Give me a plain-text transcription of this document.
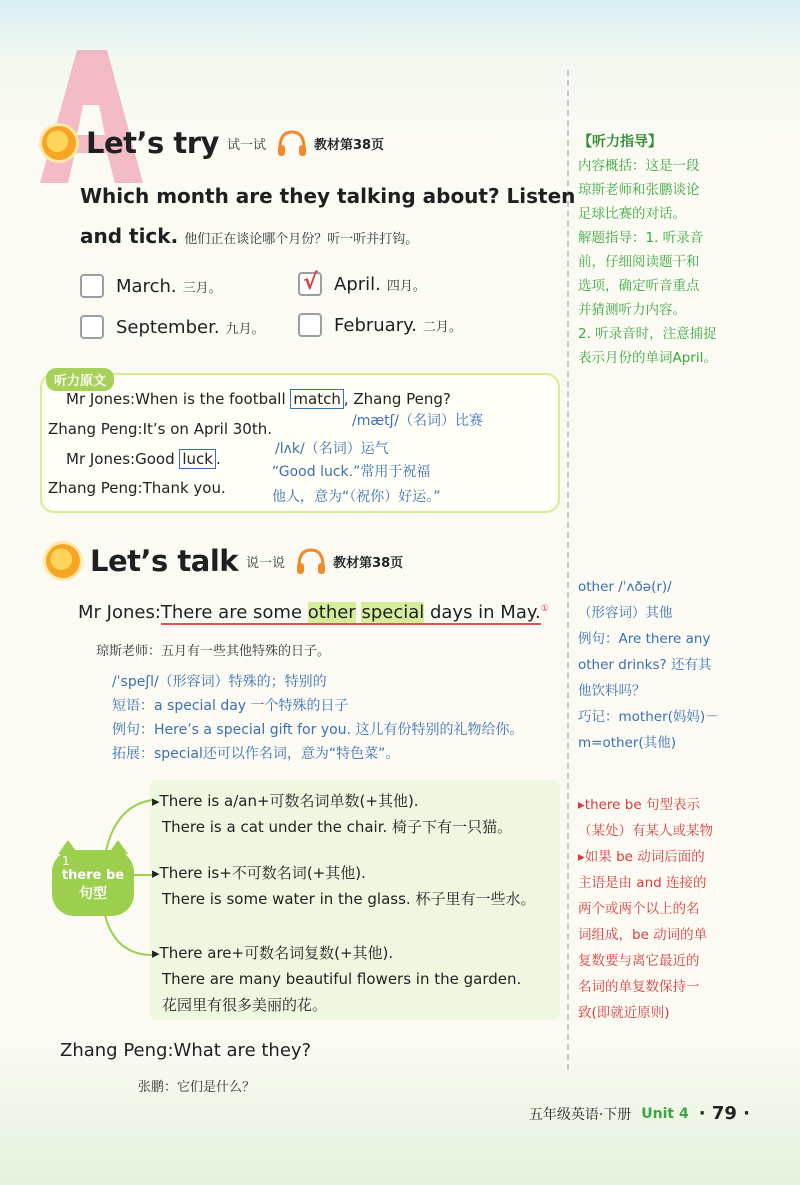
Let’s try 试一试	教材第38页
Which month are they talking about? Listen
and tick. 他们正在谈论哪个月份？听一听并打钩。
March. 三月。	√ April. 四月。
September. 九月。	February. 二月。
听力原文
Mr Jones:When is the football match , Zhang Peng?
/mætʃ/（名词）比赛
Zhang Peng:It’s on April 30th.
/lʌk/（名词）运气
Mr Jones:Good luck .
“Good luck.”常用于祝福
Zhang Peng:Thank you.	他人，意为“（祝你）好运。”
【听力指导】
内容概括：这是一段
琼斯老师和张鹏谈论
足球比赛的对话。
解题指导：1. 听录音
前，仔细阅读题干和
选项，确定听音重点
并猜测听力内容。
2. 听录音时，注意捕捉
表示月份的单词April。
Let’s talk 说一说	教材第38页
Mr Jones:There are some other special days in May.①
琼斯老师：五月有一些其他特殊的日子。
/ˈspeʃl/（形容词）特殊的；特别的
短语：a special day 一个特殊的日子
例句：Here’s a special gift for you. 这儿有份特别的礼物给你。
拓展：special还可以作名词，意为“特色菜”。
other /ˈʌðə(r)/
（形容词）其他
例句：Are there any
other drinks? 还有其
他饮料吗？
巧记：mother(妈妈)－
m=other(其他)
1
there be
句型
▸There is a/an+可数名词单数(+其他).
There is a cat under the chair. 椅子下有一只猫。
▸There is+不可数名词(+其他).
There is some water in the glass. 杯子里有一些水。
▸There are+可数名词复数(+其他).
There are many beautiful flowers in the garden.
花园里有很多美丽的花。
▸there be 句型表示
（某处）有某人或某物
▸如果 be 动词后面的
主语是由 and 连接的
两个或两个以上的名
词组成，be 动词的单
复数要与离它最近的
名词的单复数保持一
致(即就近原则)
Zhang Peng:What are they?
张鹏：它们是什么？
五年级英语·下册 Unit 4 · 79 ·
